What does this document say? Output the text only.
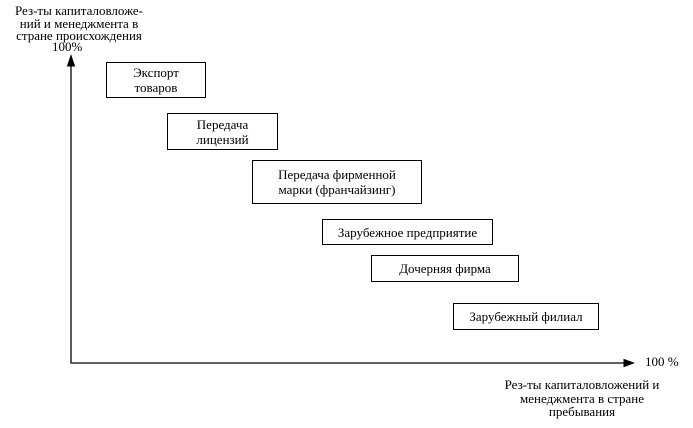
Рез-ты капиталовложе-
ний и менеджмента в
стране происхождения
100%
Экспорт
товаров
Передача
лицензий
Передача фирменной
марки (франчайзинг)
Зарубежное предприятие
Дочерняя фирма
Зарубежный филиал
100 %
Рез-ты капиталовложений и
менеджмента в стране
пребывания
